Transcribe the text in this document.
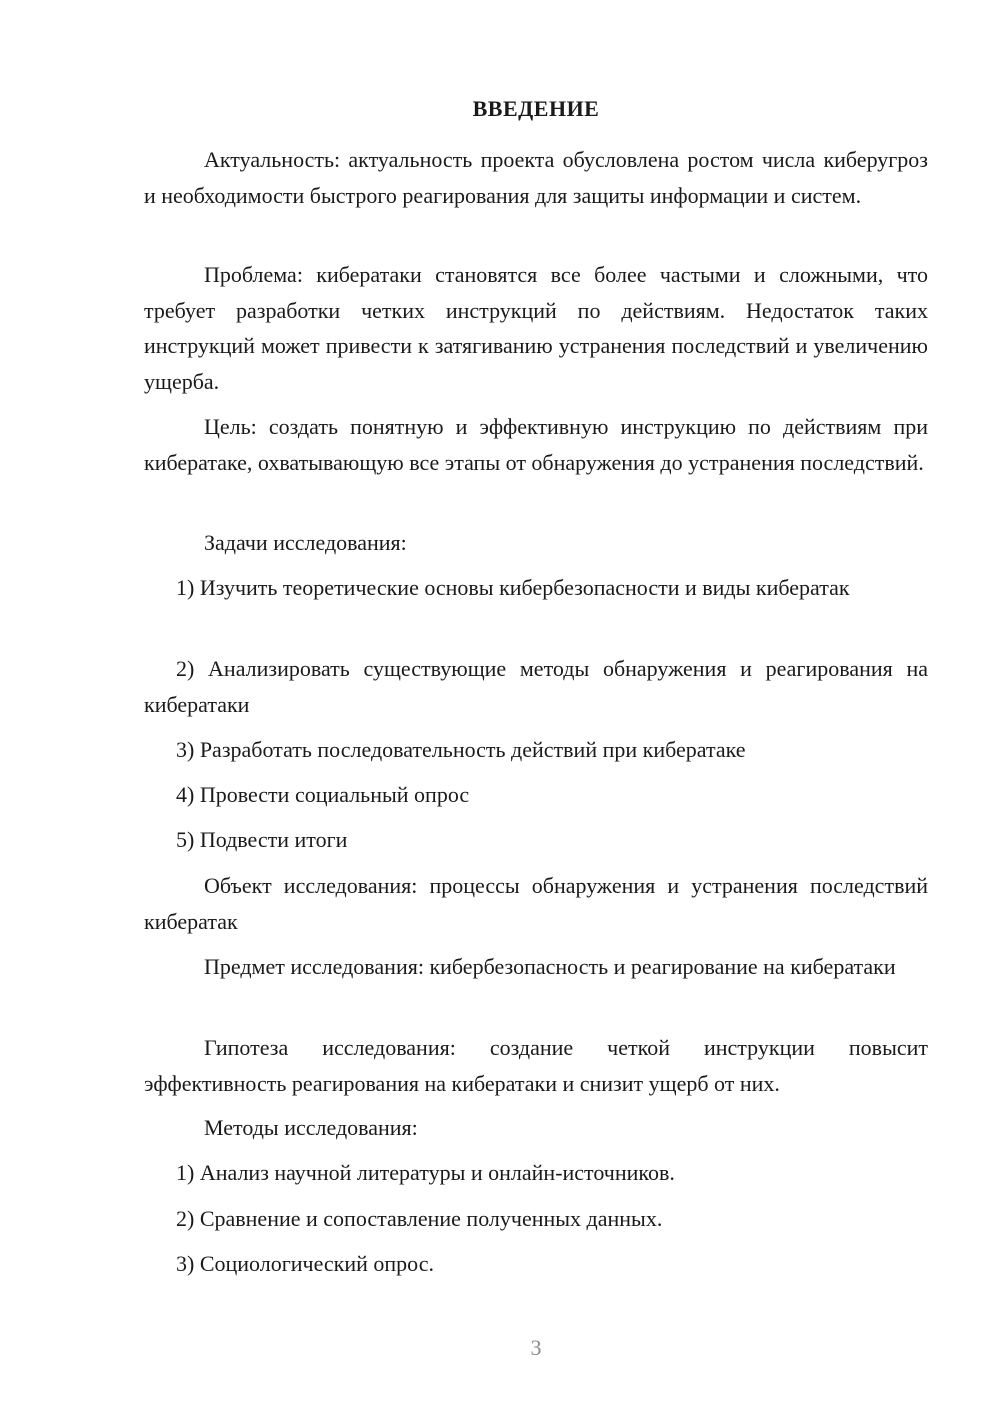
ВВЕДЕНИЕ

Актуальность: актуальность проекта обусловлена ростом числа киберугроз и необходимости быстрого реагирования для защиты информации и систем.

Проблема: кибератаки становятся все более частыми и сложными, что требует разработки четких инструкций по действиям. Недостаток таких инструкций может привести к затягиванию устранения последствий и увеличению ущерба.

Цель: создать понятную и эффективную инструкцию по действиям при кибератаке, охватывающую все этапы от обнаружения до устранения последствий.

Задачи исследования:

1) Изучить теоретические основы кибербезопасности и виды кибератак

2) Анализировать существующие методы обнаружения и реагирования на кибератаки

3) Разработать последовательность действий при кибератаке

4) Провести социальный опрос

5) Подвести итоги

Объект исследования: процессы обнаружения и устранения последствий кибератак

Предмет исследования: кибербезопасность и реагирование на кибератаки

Гипотеза исследования: создание четкой инструкции повысит эффективность реагирования на кибератаки и снизит ущерб от них.

Методы исследования:

1) Анализ научной литературы и онлайн-источников.

2) Сравнение и сопоставление полученных данных.

3) Социологический опрос.

3
